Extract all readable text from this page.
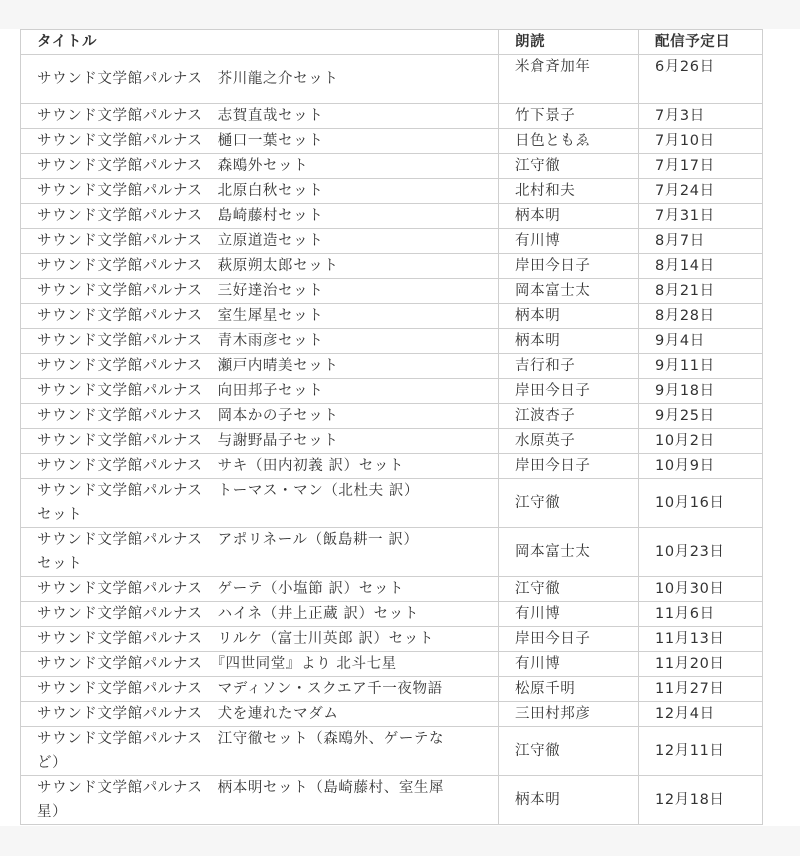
タイトル	朗読	配信予定日
サウンド文学館パルナス　芥川龍之介セット	米倉斉加年	6月26日
サウンド文学館パルナス　志賀直哉セット	竹下景子	7月3日
サウンド文学館パルナス　樋口一葉セット	日色ともゑ	7月10日
サウンド文学館パルナス　森鴎外セット	江守徹	7月17日
サウンド文学館パルナス　北原白秋セット	北村和夫	7月24日
サウンド文学館パルナス　島崎藤村セット	柄本明	7月31日
サウンド文学館パルナス　立原道造セット	有川博	8月7日
サウンド文学館パルナス　萩原朔太郎セット	岸田今日子	8月14日
サウンド文学館パルナス　三好達治セット	岡本富士太	8月21日
サウンド文学館パルナス　室生犀星セット	柄本明	8月28日
サウンド文学館パルナス　青木雨彦セット	柄本明	9月4日
サウンド文学館パルナス　瀬戸内晴美セット	吉行和子	9月11日
サウンド文学館パルナス　向田邦子セット	岸田今日子	9月18日
サウンド文学館パルナス　岡本かの子セット	江波杏子	9月25日
サウンド文学館パルナス　与謝野晶子セット	水原英子	10月2日
サウンド文学館パルナス　サキ（田内初義 訳）セット	岸田今日子	10月9日

サウンド文学館パルナス　トーマス・マン（北杜夫 訳）
セット	江守徹	10月16日

サウンド文学館パルナス　アポリネール（飯島耕一 訳）
セット	岡本富士太	10月23日
サウンド文学館パルナス　ゲーテ（小塩節 訳）セット	江守徹	10月30日
サウンド文学館パルナス　ハイネ（井上正蔵 訳）セット	有川博	11月6日
サウンド文学館パルナス　リルケ（富士川英郎 訳）セット	岸田今日子	11月13日
サウンド文学館パルナス　『四世同堂』より 北斗七星	有川博	11月20日
サウンド文学館パルナス　マディソン・スクエア千一夜物語	松原千明	11月27日
サウンド文学館パルナス　犬を連れたマダム	三田村邦彦	12月4日

サウンド文学館パルナス　江守徹セット（森鴎外、ゲーテな
ど）	江守徹	12月11日

サウンド文学館パルナス　柄本明セット（島崎藤村、室生犀
星）	柄本明	12月18日
